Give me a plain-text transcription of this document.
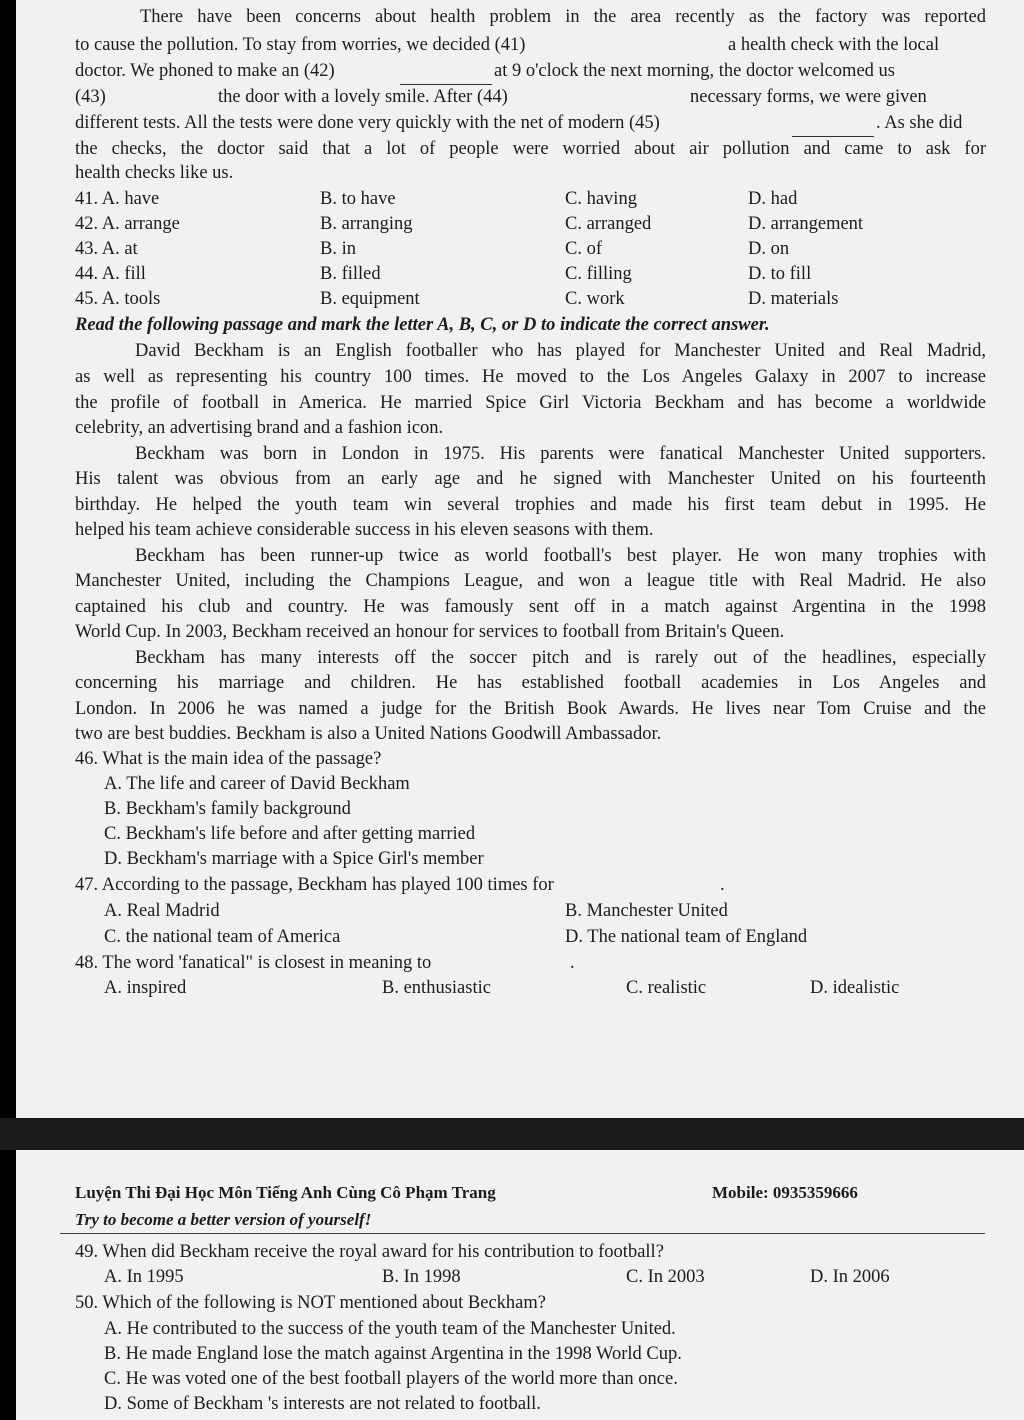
There have been concerns about health problem in the area recently as the factory was reported
to cause the pollution. To stay from worries, we decided (41)	a health check with the local
doctor. We phoned to make an (42)	at 9 o'clock the next morning, the doctor welcomed us
(43)	the door with a lovely smile. After (44)	necessary forms, we were given
different tests. All the tests were done very quickly with the net of modern (45)	. As she did
the checks, the doctor said that a lot of people were worried about air pollution and came to ask for
health checks like us.
41. A. have	B. to have	C. having	D. had
42. A. arrange	B. arranging	C. arranged	D. arrangement
43. A. at	B. in	C. of	D. on
44. A. fill	B. filled	C. filling	D. to fill
45. A. tools	B. equipment	C. work	D. materials
Read the following passage and mark the letter A, B, C, or D to indicate the correct answer.
David Beckham is an English footballer who has played for Manchester United and Real Madrid,
as well as representing his country 100 times. He moved to the Los Angeles Galaxy in 2007 to increase
the profile of football in America. He married Spice Girl Victoria Beckham and has become a worldwide
celebrity, an advertising brand and a fashion icon.
Beckham was born in London in 1975. His parents were fanatical Manchester United supporters.
His talent was obvious from an early age and he signed with Manchester United on his fourteenth
birthday. He helped the youth team win several trophies and made his first team debut in 1995. He
helped his team achieve considerable success in his eleven seasons with them.
Beckham has been runner-up twice as world football's best player. He won many trophies with
Manchester United, including the Champions League, and won a league title with Real Madrid. He also
captained his club and country. He was famously sent off in a match against Argentina in the 1998
World Cup. In 2003, Beckham received an honour for services to football from Britain's Queen.
Beckham has many interests off the soccer pitch and is rarely out of the headlines, especially
concerning his marriage and children. He has established football academies in Los Angeles and
London. In 2006 he was named a judge for the British Book Awards. He lives near Tom Cruise and the
two are best buddies. Beckham is also a United Nations Goodwill Ambassador.
46. What is the main idea of the passage?
A. The life and career of David Beckham
B. Beckham's family background
C. Beckham's life before and after getting married
D. Beckham's marriage with a Spice Girl's member
47. According to the passage, Beckham has played 100 times for	.
A. Real Madrid	B. Manchester United
C. the national team of America	D. The national team of England
48. The word 'fanatical" is closest in meaning to	.
A. inspired	B. enthusiastic	C. realistic	D. idealistic
Luyện Thi Đại Học Môn Tiếng Anh Cùng Cô Phạm Trang	Mobile: 0935359666
Try to become a better version of yourself!
49. When did Beckham receive the royal award for his contribution to football?
A. In 1995	B. In 1998	C. In 2003	D. In 2006
50. Which of the following is NOT mentioned about Beckham?
A. He contributed to the success of the youth team of the Manchester United.
B. He made England lose the match against Argentina in the 1998 World Cup.
C. He was voted one of the best football players of the world more than once.
D. Some of Beckham 's interests are not related to football.
